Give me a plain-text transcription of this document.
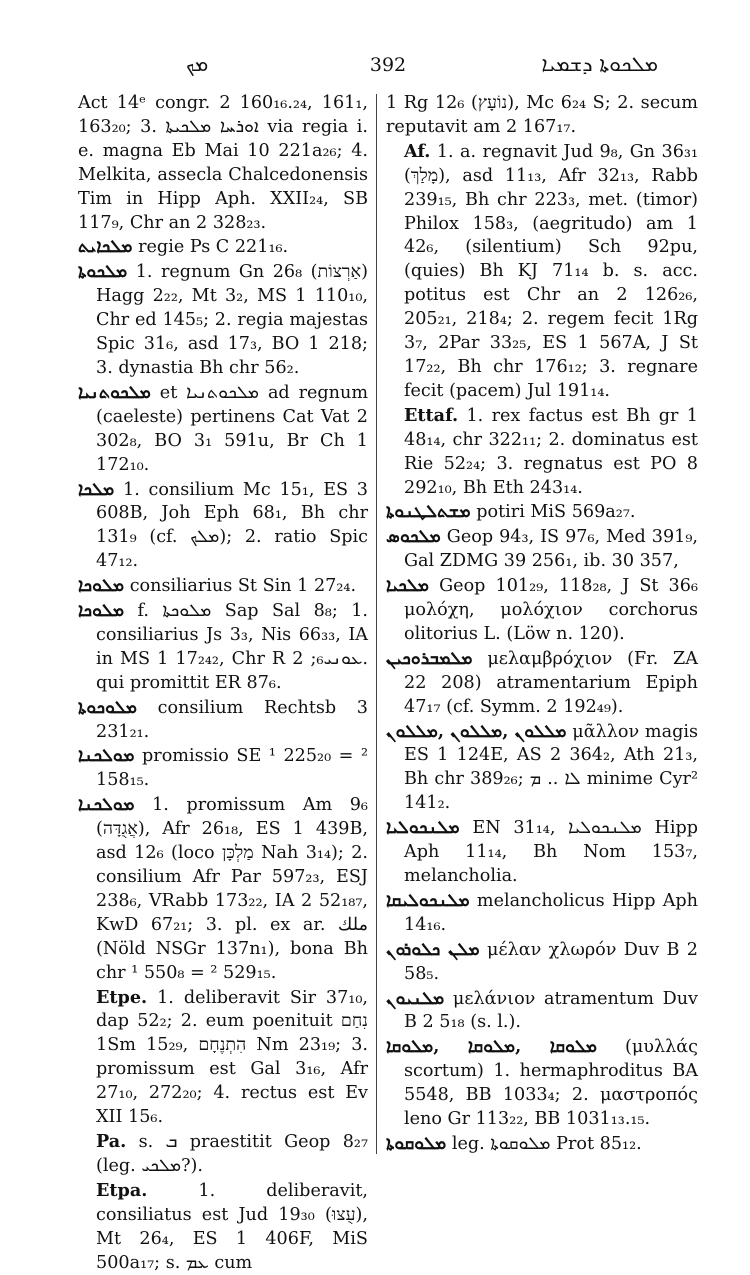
ܡܟ	392	ܡܠܟܘܬܐ ܕܫܡܝܐ

Act 14ᵉ congr. 2 160₁₆.₂₄, 161₁, 163₂₀; 3. ܐܘܪܚܐ ܡܠܟܝܬܐ via regia i. e. magna Eb Mai 10 221a₂₆; 4. Melkita, assecla Chalcedonensis Tim in Hipp Aph. XXII₂₄, SB 117₉, Chr an 2 328₂₃.

ܡܠܟܐܝܬ regie Ps C 221₁₆.

ܡܠܟܘܬܐ 1. regnum Gn 26₈ (אַרְצוֹת) Hagg 2₂₂, Mt 3₂, MS 1 110₁₀, Chr ed 145₅; 2. regia majestas Spic 31₆, asd 17₃, BO 1 218; 3. dynastia Bh chr 56₂.

ܡܠܟܘܬܢܝܐ et ܡܠܟܘܬܢܝܐ ad regnum (caeleste) pertinens Cat Vat 2 302₈, BO 3₁ 591u, Br Ch 1 172₁₀.

ܡܠܟܐ 1. consilium Mc 15₁, ES 3 608B, Joh Eph 68₁, Bh chr 131₉ (cf. ܡܠܟ); 2. ratio Spic 47₁₂.

ܡܠܘܟܐ consiliarius St Sin 1 27₂₄.

ܡܠܘܟܐ f. ܡܠܘܟܬܐ Sap Sal 8₈; 1. consiliarius Js 3₃, Nis 66₃₃, IA in MS 1 17₂₄₂, Chr R ܥܘܢܝ₆; 2. qui promittit ER 87₆.

ܡܠܘܟܘܬܐ consilium Rechtsb 3 231₂₁.

ܡܘܠܟܢܐ promissio SE ¹ 225₂₀ = ² 158₁₅.

ܡܘܠܟܢܐ 1. promissum Am 9₆ (אֲגֻדָּה), Afr 26₁₈, ES 1 439B, asd 12₆ (loco מַלְכָּן Nah 3₁₄); 2. consilium Afr Par 597₂₃, ESJ 238₆, VRabb 173₂₂, IA 2 52₁₈₇, KwD 67₂₁; 3. pl. ex ar. ملك (Nöld NSGr 137n₁), bona Bh chr ¹ 550₈ = ² 529₁₅.

Etpe. 1. deliberavit Sir 37₁₀, dap 52₂; 2. eum poenituit נִחַם 1Sm 15₂₉, הִתְנֶחָם Nm 23₁₉; 3. promissum est Gal 3₁₆, Afr 27₁₀, 272₂₀; 4. rectus est Ev XII 15₆.

Pa. s. ܒ praestitit Geop 8₂₇ (leg. ܡܠܟܝ?).

Etpa.	1. deliberavit, consiliatus est Jud 19₃₀ (עֻצוּ), Mt 26₄, ES 1 406F, MiS 500a₁₇; s. ܥܡ cum

1 Rg 12₆ (נוֹעָץ), Mc 6₂₄ S; 2. secum reputavit am 2 167₁₇.

Af. 1. a. regnavit Jud 9₈, Gn 36₃₁ (מָלַךְ), asd 11₁₃, Afr 32₁₃, Rabb 239₁₅, Bh chr 223₃, met. (timor) Philox 158₃, (aegritudo) am 1 42₆, (silentium) Sch 92pu, (quies) Bh KJ 71₁₄ b. s. acc. potitus est Chr an 2 126₂₆, 205₂₁, 218₄; 2. regem fecit 1Rg 3₇, 2Par 33₂₅, ES 1 567A, J St 17₂₂, Bh chr 176₁₂; 3. regnare fecit (pacem) Jul 191₁₄.

Ettaf. 1. rex factus est Bh gr 1 48₁₄, chr 322₁₁; 2. dominatus est Rie 52₂₄; 3. regnatus est PO 8 292₁₀, Bh Eth 243₁₄.

ܡܫܬܠܛܢܘܬܐ potiri MiS 569a₂₇.

ܡܠܟܘܣ Geop 94₃, IS 97₆, Med 391₉, Gal ZDMG 39 256₁, ib. 30 357,

ܡܠܟܝܐ Geop 101₂₉, 118₂₈, J St 36₆ μολόχη, μολόχιον corchorus olitorius L. (Löw n. 120).

ܡܠܡܒܪܘܟܝܢ μελαμβρόχιον (Fr. ZA 22 208) atramentarium Epiph 47₁₇ (cf. Symm. 2 192₄₉).

ܡܠܠܘܢ ,ܡܠܠܘܢ ,ܡܠܠܘܢ μᾶλλον magis ES 1 124E, AS 2 364₂, Ath 21₃, Bh chr 389₂₆; ܠܐ .. ܡ minime Cyr² 141₂.

ܡܠܢܟܘܠܝܐ EN 31₁₄, ܡܠܢܟܘܠܝܐ Hipp Aph 11₁₄, Bh Nom 153₇, melancholia.

ܡܠܢܟܘܠܝܩܐ melancholicus Hipp Aph 14₁₆.

ܡܠܢ ܟܠܘܪܘܢ μέλαν χλωρόν Duv B 2 58₅.

ܡܠܢܝܘܢ μελάνιον atramentum Duv B 2 5₁₈ (s. l.).

ܡܠܘܩܐ ,ܡܠܘܩܐ ,ܡܠܘܩܐ (μυλλάς scortum) 1. hermaphroditus BA 5548, BB 1033₄; 2. μαστροπός leno Gr 113₂₂, BB 1031₁₃.₁₅.

ܡܠܘܩܘܬܐ leg. ܡܠܘܩܘܬܐ Prot 85₁₂.
